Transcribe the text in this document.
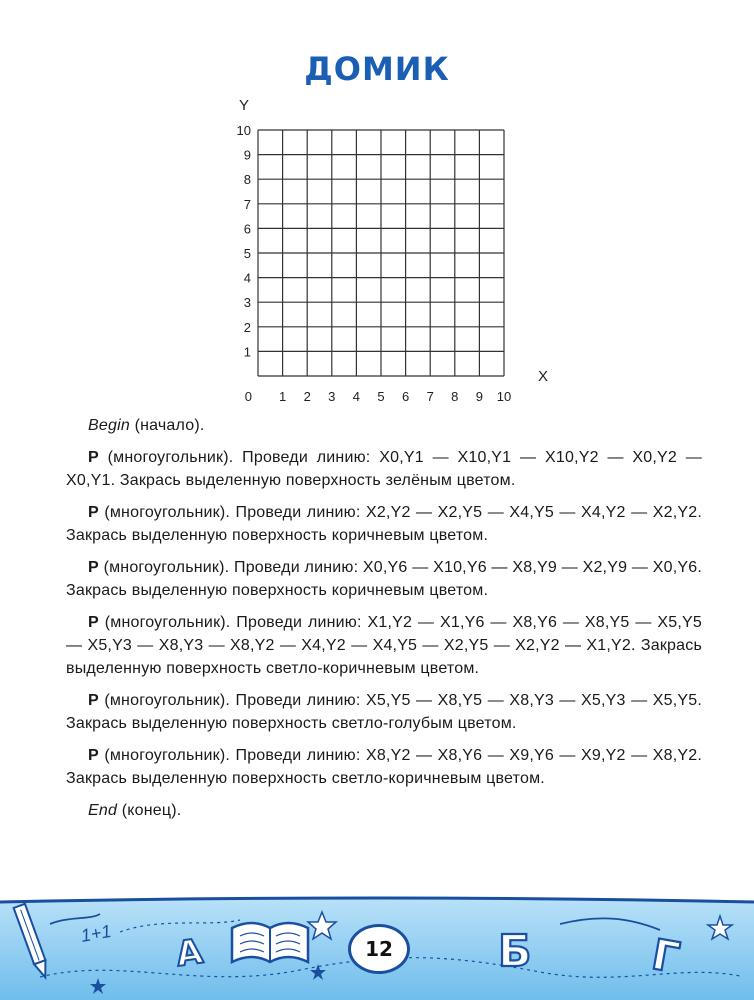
ДОМИК
0 1 2 3 4 5 6 7 8 9 10
1
2
3
4
5
6
7
8
9
10
X
Y

Begin (начало).

P (многоугольник). Проведи линию: X0,Y1 — X10,Y1 — X10,Y2 — X0,Y2 — X0,Y1. Закрась выделенную поверхность зелёным цветом.

P (многоугольник). Проведи линию: X2,Y2 — X2,Y5 — X4,Y5 — X4,Y2 — X2,Y2. Закрась выделенную поверхность коричневым цветом.

P (многоугольник). Проведи линию: X0,Y6 — X10,Y6 — X8,Y9 — X2,Y9 — X0,Y6. Закрась выделенную поверхность коричневым цветом.

P (многоугольник). Проведи линию: X1,Y2 — X1,Y6 — X8,Y6 — X8,Y5 — X5,Y5 — X5,Y3 — X8,Y3 — X8,Y2 — X4,Y2 — X4,Y5 — X2,Y5 — X2,Y2 — X1,Y2. Закрась выделенную поверхность светло-коричневым цветом.

P (многоугольник). Проведи линию: X5,Y5 — X8,Y5 — X8,Y3 — X5,Y3 — X5,Y5. Закрась выделенную поверхность светло-голубым цветом.

P (многоугольник). Проведи линию: X8,Y2 — X8,Y6 — X9,Y6 — X9,Y2 — X8,Y2. Закрась выделенную поверхность светло-коричневым цветом.

End (конец).

1+1 А	Б	Г
12
